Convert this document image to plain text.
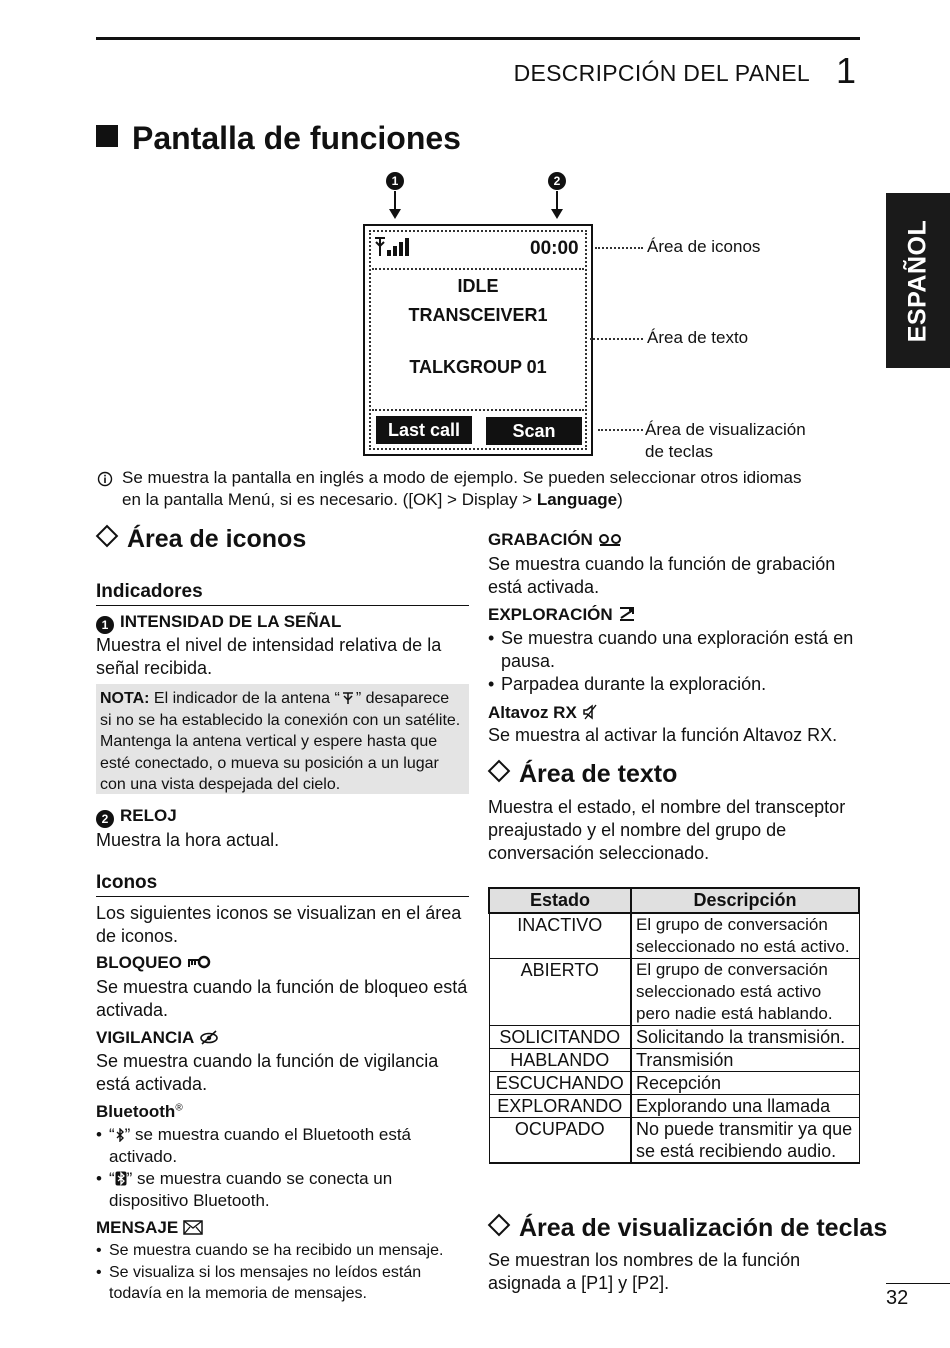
DESCRIPCIÓN DEL PANEL 1
ESPAÑOL
Pantalla de funciones
1	2
00:00
IDLE
TRANSCEIVER1
TALKGROUP 01
Last call	Scan
Área de iconos
Área de texto
Área de visualización
de teclas
Se muestra la pantalla en inglés a modo de ejemplo. Se pueden seleccionar otros idiomas
en la pantalla Menú, si es necesario. ([OK] > Display > Language)
Área de iconos
Indicadores
1 INTENSIDAD DE LA SEÑAL
Muestra el nivel de intensidad relativa de la señal recibida.
NOTA: El indicador de la antena “ ” desaparece si no se ha establecido la conexión con un satélite. Mantenga la antena vertical y espere hasta que esté conectado, o mueva su posición a un lugar con una vista despejada del cielo.
2 RELOJ
Muestra la hora actual.
Iconos
Los siguientes iconos se visualizan en el área de iconos.
BLOQUEO
Se muestra cuando la función de bloqueo está activada.
VIGILANCIA
Se muestra cuando la función de vigilancia está activada.
Bluetooth®
• “ ” se muestra cuando el Bluetooth está activado.
• “ ” se muestra cuando se conecta un dispositivo Bluetooth.
MENSAJE
• Se muestra cuando se ha recibido un mensaje.
• Se visualiza si los mensajes no leídos están todavía en la memoria de mensajes.
GRABACIÓN
Se muestra cuando la función de grabación está activada.
EXPLORACIÓN
• Se muestra cuando una exploración está en pausa.
• Parpadea durante la exploración.
Altavoz RX
Se muestra al activar la función Altavoz RX.
Área de texto
Muestra el estado, el nombre del transceptor preajustado y el nombre del grupo de conversación seleccionado.
Estado	Descripción
INACTIVO	El grupo de conversación seleccionado no está activo.
ABIERTO	El grupo de conversación seleccionado está activo pero nadie está hablando.
SOLICITANDO	Solicitando la transmisión.
HABLANDO	Transmisión
ESCUCHANDO	Recepción
EXPLORANDO	Explorando una llamada
OCUPADO	No puede transmitir ya que se está recibiendo audio.
Área de visualización de teclas
Se muestran los nombres de la función asignada a [P1] y [P2].
32
